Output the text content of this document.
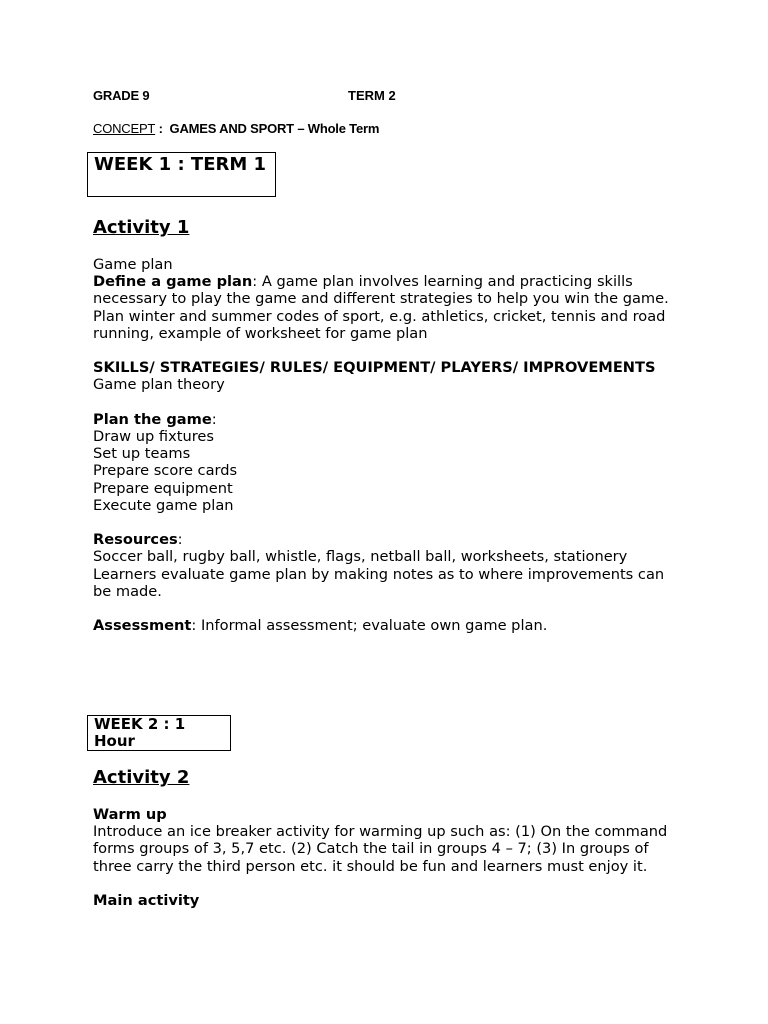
GRADE 9	TERM 2
CONCEPT :  GAMES AND SPORT – Whole Term
WEEK 1 : TERM 1
Activity 1

Game plan

Define a game plan: A game plan involves learning and practicing skills necessary to play the game and different strategies to help you win the game.

Plan winter and summer codes of sport, e.g. athletics, cricket, tennis and road running, example of worksheet for game plan

SKILLS/ STRATEGIES/ RULES/ EQUIPMENT/ PLAYERS/ IMPROVEMENTS

Game plan theory

Plan the game:

Draw up fixtures

Set up teams

Prepare score cards

Prepare equipment

Execute game plan

Resources:

Soccer ball, rugby ball, whistle, flags, netball ball, worksheets, stationery

Learners evaluate game plan by making notes as to where improvements can be made.

Assessment: Informal assessment; evaluate own game plan.

WEEK 2 : 1 Hour
Activity 2

Warm up

Introduce an ice breaker activity for warming up such as: (1) On the command forms groups of 3, 5,7 etc. (2) Catch the tail in groups 4 – 7; (3) In groups of three carry the third person etc. it should be fun and learners must enjoy it.

Main activity
